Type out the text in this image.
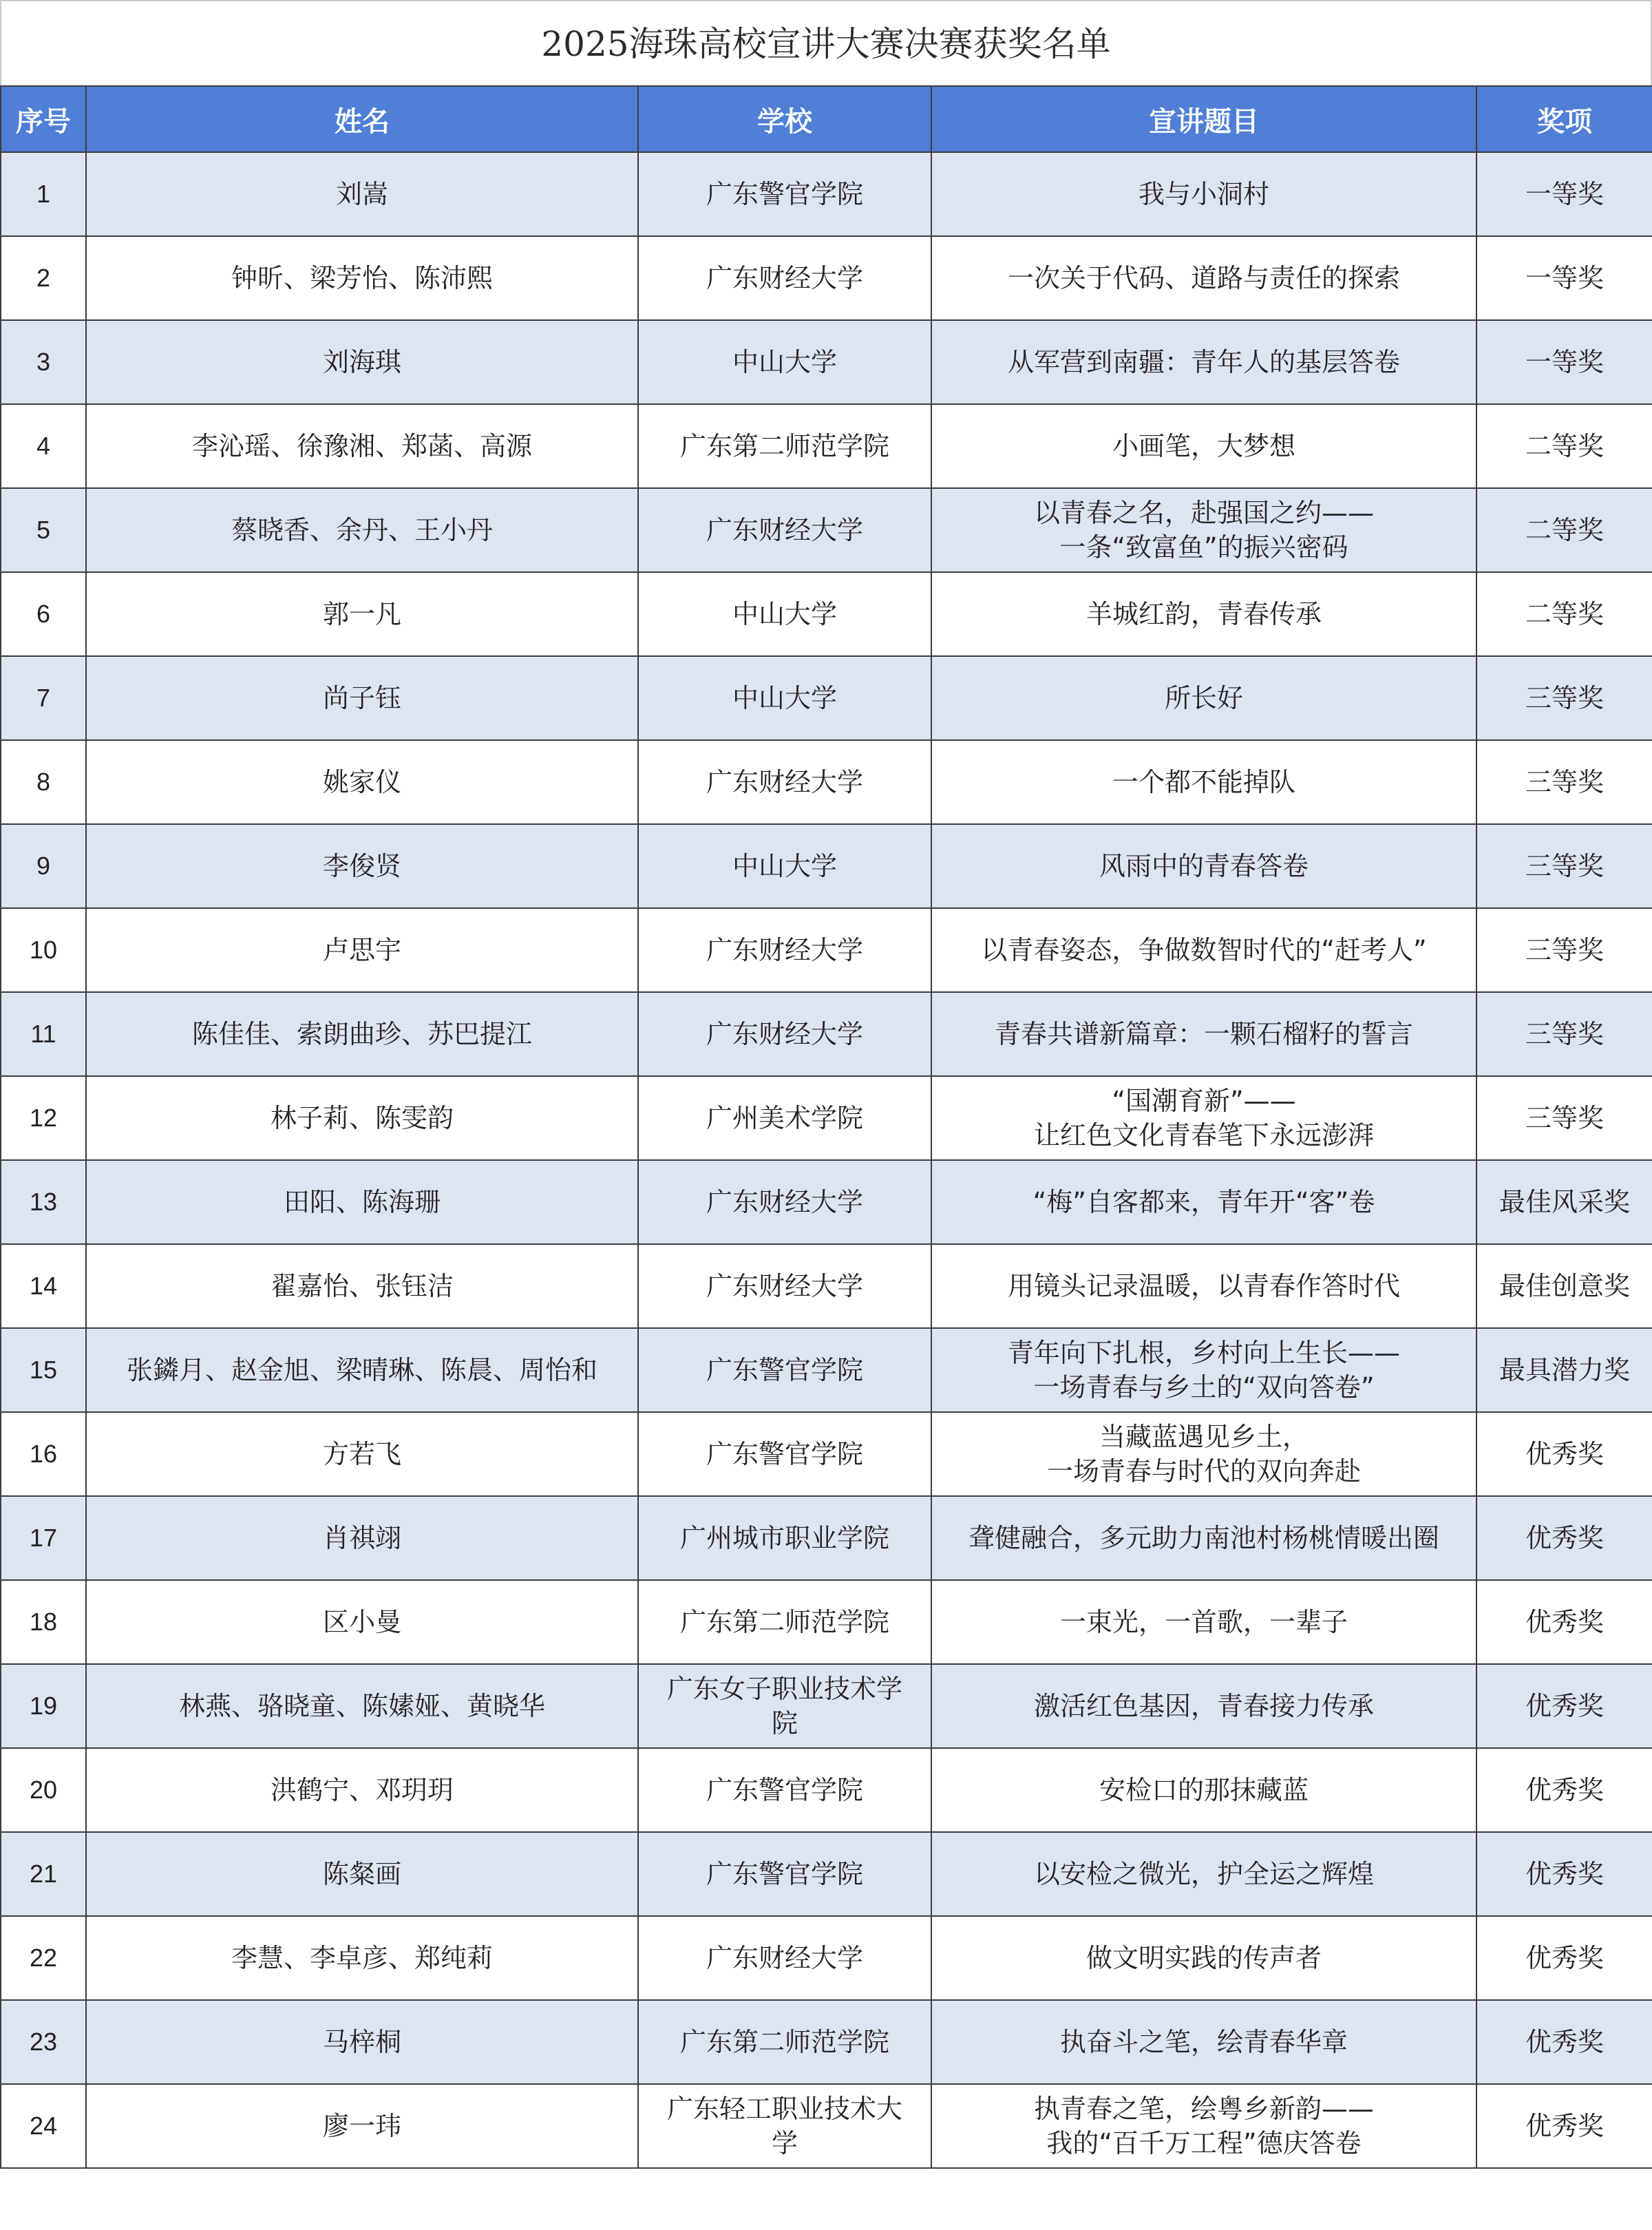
2025海珠高校宣讲大赛决赛获奖名单
序号	姓名	学校	宣讲题目	奖项
1	刘嵩	广东警官学院	我与小洞村	一等奖
2	钟昕、梁芳怡、陈沛熙	广东财经大学	一次关于代码、道路与责任的探索	一等奖
3	刘海琪	中山大学	从军营到南疆：青年人的基层答卷	一等奖
4	李沁瑶、徐豫湘、郑菡、高源	广东第二师范学院	小画笔，大梦想	二等奖
5	蔡晓香、余丹、王小丹	广东财经大学	以青春之名，赴强国之约——
一条“致富鱼”的振兴密码	二等奖
6	郭一凡	中山大学	羊城红韵，青春传承	二等奖
7	尚子钰	中山大学	所长好	三等奖
8	姚家仪	广东财经大学	一个都不能掉队	三等奖
9	李俊贤	中山大学	风雨中的青春答卷	三等奖
10	卢思宇	广东财经大学	以青春姿态，争做数智时代的“赶考人”	三等奖
11	陈佳佳、索朗曲珍、苏巴提江	广东财经大学	青春共谱新篇章：一颗石榴籽的誓言	三等奖
12	林子莉、陈雯韵	广州美术学院	“国潮育新”——
让红色文化青春笔下永远澎湃	三等奖
13	田阳、陈海珊	广东财经大学	“梅”自客都来，青年开“客”卷	最佳风采奖
14	翟嘉怡、张钰洁	广东财经大学	用镜头记录温暖，以青春作答时代	最佳创意奖
15	张鏻月、赵金旭、梁晴琳、陈晨、周怡和	广东警官学院	青年向下扎根，乡村向上生长——
一场青春与乡土的“双向答卷”	最具潜力奖
16	方若飞	广东警官学院	当藏蓝遇见乡土，
一场青春与时代的双向奔赴	优秀奖
17	肖祺翊	广州城市职业学院	聋健融合，多元助力南池村杨桃情暖出圈	优秀奖
18	区小曼	广东第二师范学院	一束光，一首歌，一辈子	优秀奖
19	林燕、骆晓童、陈嫊娅、黄晓华	广东女子职业技术学
院	激活红色基因，青春接力传承	优秀奖
20	洪鹤宁、邓玥玥	广东警官学院	安检口的那抹藏蓝	优秀奖
21	陈粲画	广东警官学院	以安检之微光，护全运之辉煌	优秀奖
22	李慧、李卓彦、郑纯莉	广东财经大学	做文明实践的传声者	优秀奖
23	马梓桐	广东第二师范学院	执奋斗之笔，绘青春华章	优秀奖
24	廖一玮	广东轻工职业技术大
学	执青春之笔，绘粤乡新韵——
我的“百千万工程”德庆答卷	优秀奖
